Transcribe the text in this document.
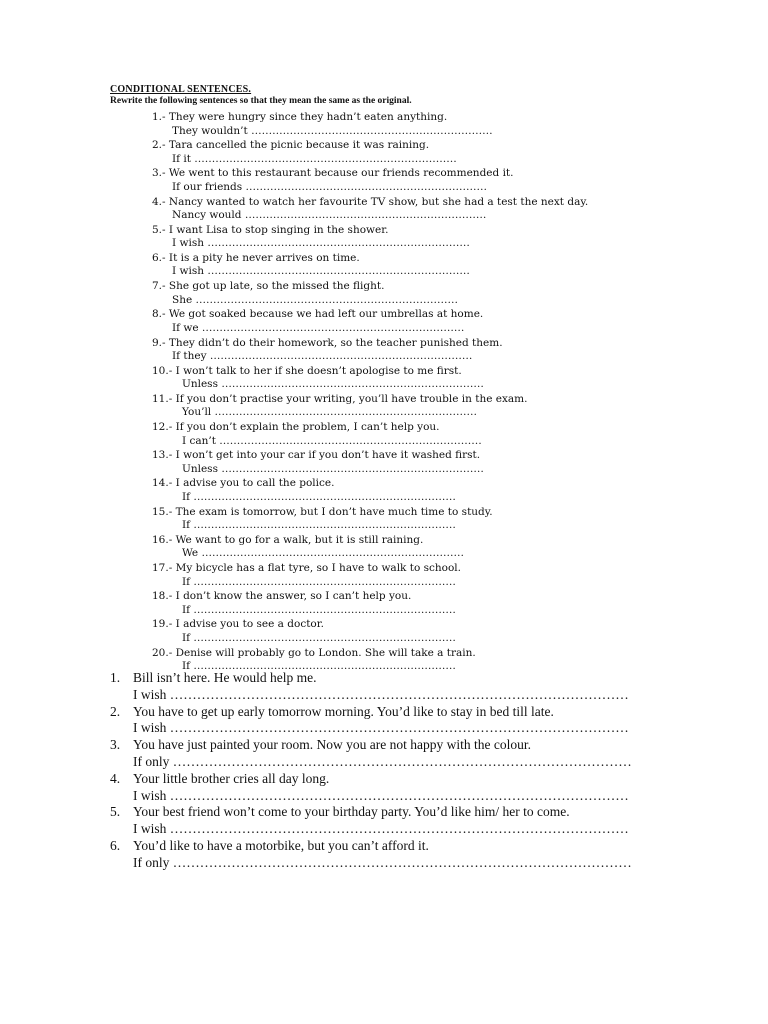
CONDITIONAL SENTENCES.
Rewrite the following sentences so that they mean the same as the original.
1.- They were hungry since they hadn’t eaten anything.
They wouldn’t ……………………………………………………………
2.- Tara cancelled the picnic because it was raining.
If it …………………………………………………………………
3.- We went to this restaurant because our friends recommended it.
If our friends ……………………………………………………………
4.- Nancy wanted to watch her favourite TV show, but she had a test the next day.
Nancy would ……………………………………………………………
5.- I want Lisa to stop singing in the shower.
I wish …………………………………………………………………
6.- It is a pity he never arrives on time.
I wish …………………………………………………………………
7.- She got up late, so the missed the flight.
She …………………………………………………………………
8.- We got soaked because we had left our umbrellas at home.
If we …………………………………………………………………
9.- They didn’t do their homework, so the teacher punished them.
If they …………………………………………………………………
10.- I won’t talk to her if she doesn’t apologise to me first.
Unless …………………………………………………………………
11.- If you don’t practise your writing, you’ll have trouble in the exam.
You’ll …………………………………………………………………
12.- If you don’t explain the problem, I can’t help you.
I can’t …………………………………………………………………
13.- I won’t get into your car if you don’t have it washed first.
Unless …………………………………………………………………
14.- I advise you to call the police.
If …………………………………………………………………
15.- The exam is tomorrow, but I don’t have much time to study.
If …………………………………………………………………
16.- We want to go for a walk, but it is still raining.
We …………………………………………………………………
17.- My bicycle has a flat tyre, so I have to walk to school.
If …………………………………………………………………
18.- I don’t know the answer, so I can’t help you.
If …………………………………………………………………
19.- I advise you to see a doctor.
If …………………………………………………………………
20.- Denise will probably go to London. She will take a train.
If …………………………………………………………………
1. Bill isn’t here. He would help me.
I wish …………………………………………………………………………………………
2. You have to get up early tomorrow morning. You’d like to stay in bed till late.
I wish …………………………………………………………………………………………
3. You have just painted your room. Now you are not happy with the colour.
If only …………………………………………………………………………………………
4. Your little brother cries all day long.
I wish …………………………………………………………………………………………
5. Your best friend won’t come to your birthday party. You’d like him/ her to come.
I wish …………………………………………………………………………………………
6. You’d like to have a motorbike, but you can’t afford it.
If only …………………………………………………………………………………………
